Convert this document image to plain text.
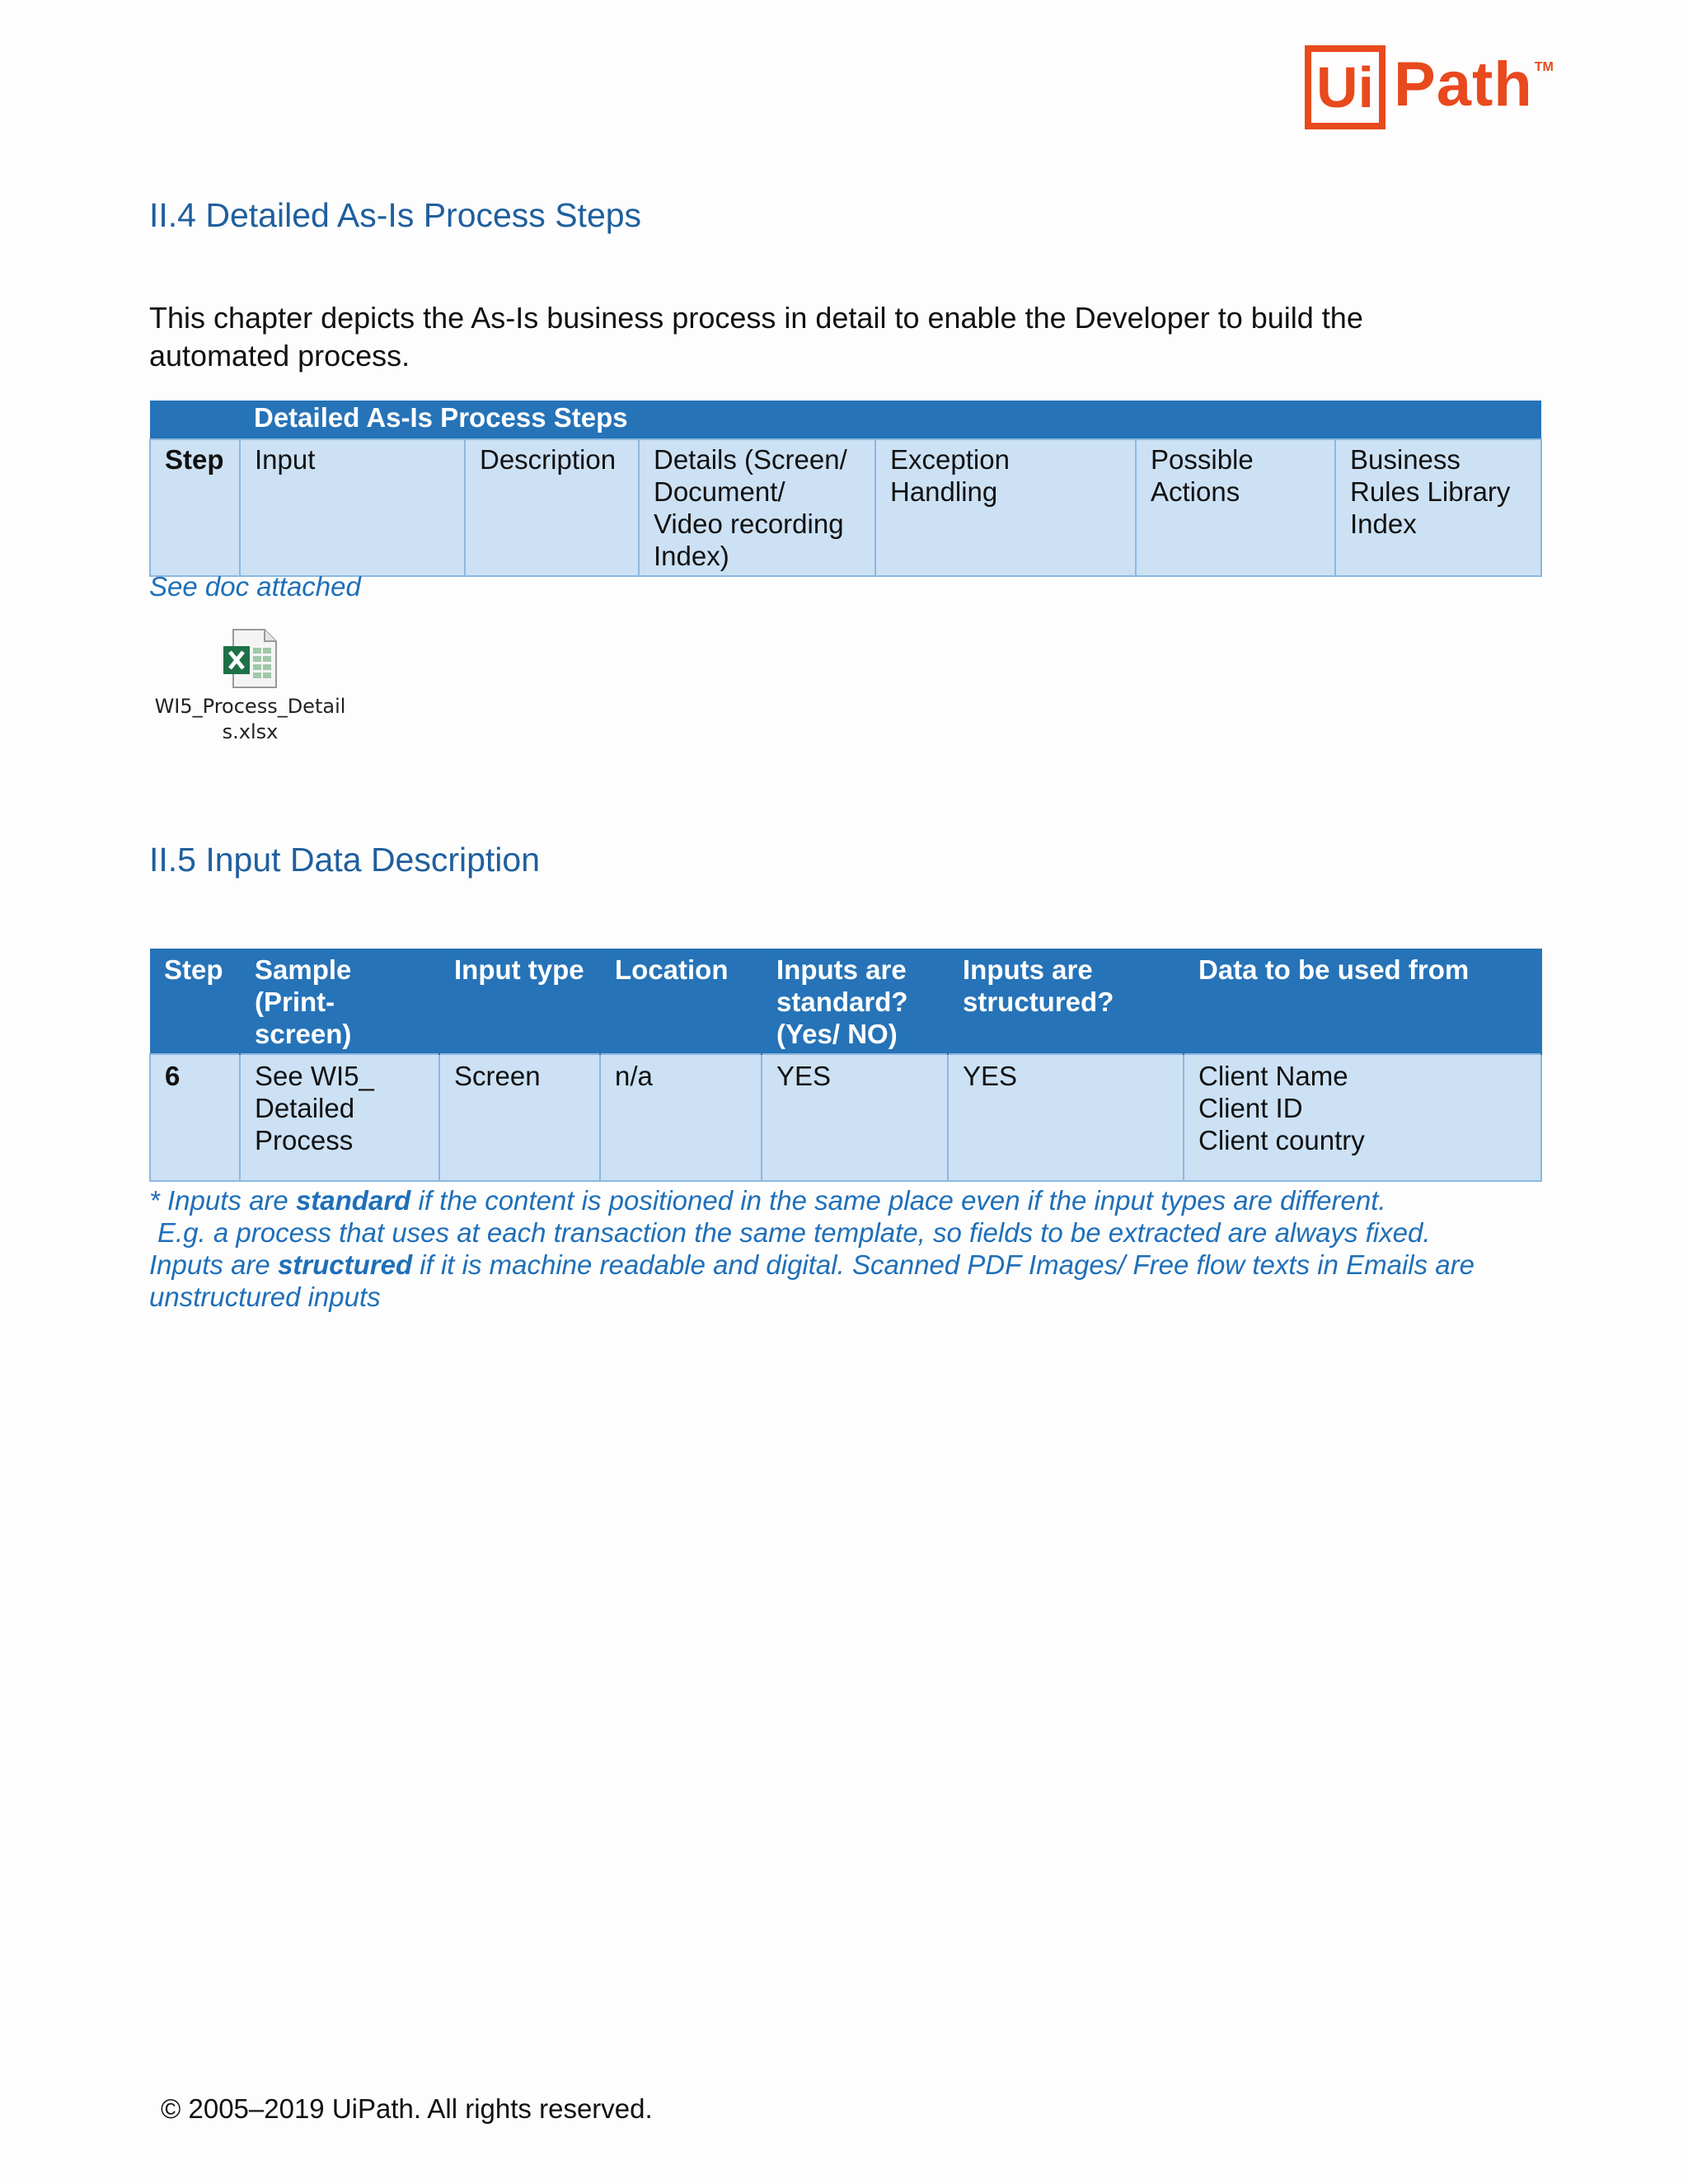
Ui Path TM
II.4 Detailed As-Is Process Steps

This chapter depicts the As-Is business process in detail to enable the Developer to build the automated process.

	Detailed As-Is Process Steps					
Step	Input	Description	Details (Screen/ Document/ Video recording Index)	Exception Handling	Possible Actions	Business Rules Library Index

See doc attached

WI5_Process_Details.xlsx
II.5 Input Data Description
Step	Sample (Print-screen)	Input type	Location	Inputs are standard? (Yes/ NO)	Inputs are structured?	Data to be used from
6	See WI5_ Detailed Process	Screen	n/a	YES	YES	Client Name
Client ID
Client country
* Inputs are standard if the content is positioned in the same place even if the input types are different.
E.g. a process that uses at each transaction the same template, so fields to be extracted are always fixed.
Inputs are structured if it is machine readable and digital. Scanned PDF Images/ Free flow texts in Emails are unstructured inputs

© 2005–2019 UiPath. All rights reserved.
